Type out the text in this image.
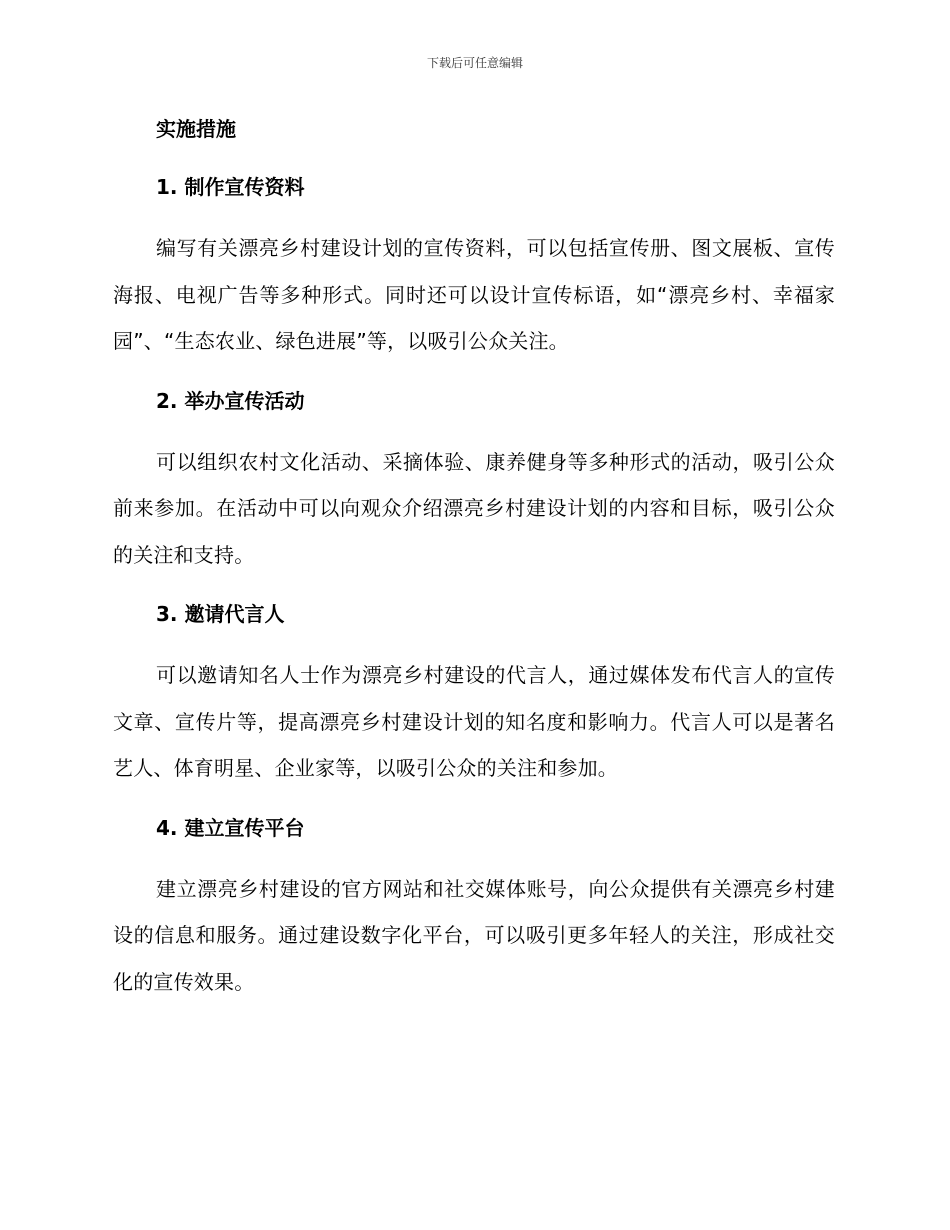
下载后可任意编辑
实施措施
1. 制作宣传资料

编写有关漂亮乡村建设计划的宣传资料，可以包括宣传册、图文展板、宣传海报、电视广告等多种形式。同时还可以设计宣传标语，如“漂亮乡村、幸福家园”、“生态农业、绿色进展”等，以吸引公众关注。

2. 举办宣传活动

可以组织农村文化活动、采摘体验、康养健身等多种形式的活动，吸引公众前来参加。在活动中可以向观众介绍漂亮乡村建设计划的内容和目标，吸引公众的关注和支持。

3. 邀请代言人

可以邀请知名人士作为漂亮乡村建设的代言人，通过媒体发布代言人的宣传文章、宣传片等，提高漂亮乡村建设计划的知名度和影响力。代言人可以是著名艺人、体育明星、企业家等，以吸引公众的关注和参加。

4. 建立宣传平台

建立漂亮乡村建设的官方网站和社交媒体账号，向公众提供有关漂亮乡村建设的信息和服务。通过建设数字化平台，可以吸引更多年轻人的关注，形成社交化的宣传效果。
